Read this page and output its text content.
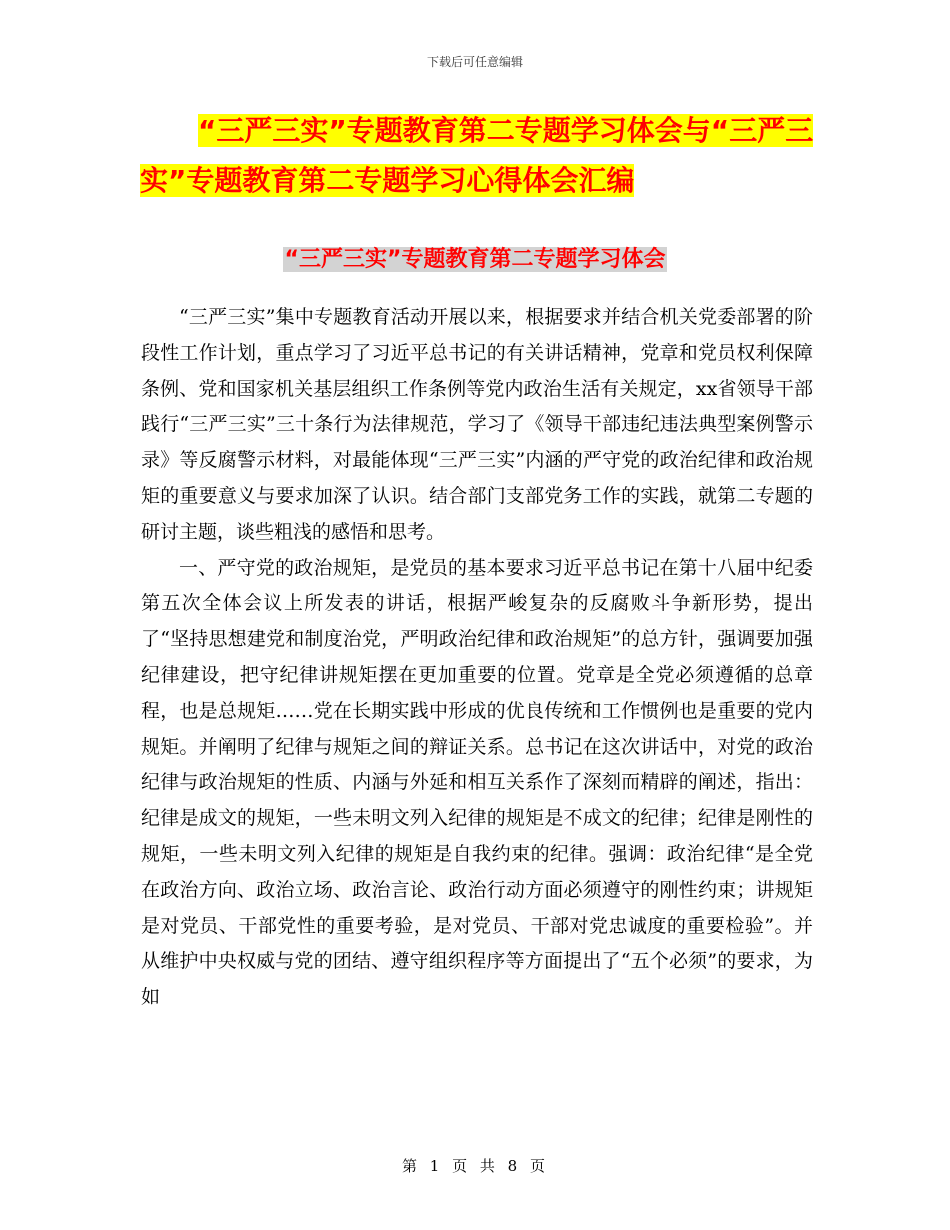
下载后可任意编辑
“三严三实”专题教育第二专题学习体会与“三严三
实”专题教育第二专题学习心得体会汇编
“三严三实”专题教育第二专题学习体会

“三严三实”集中专题教育活动开展以来，根据要求并结合机关党委部署的阶段性工作计划，重点学习了习近平总书记的有关讲话精神，党章和党员权利保障条例、党和国家机关基层组织工作条例等党内政治生活有关规定，xx省领导干部践行“三严三实”三十条行为法律规范，学习了《领导干部违纪违法典型案例警示录》等反腐警示材料，对最能体现“三严三实”内涵的严守党的政治纪律和政治规矩的重要意义与要求加深了认识。结合部门支部党务工作的实践，就第二专题的研讨主题，谈些粗浅的感悟和思考。

一、严守党的政治规矩，是党员的基本要求习近平总书记在第十八届中纪委第五次全体会议上所发表的讲话，根据严峻复杂的反腐败斗争新形势，提出了“坚持思想建党和制度治党，严明政治纪律和政治规矩”的总方针，强调要加强纪律建设，把守纪律讲规矩摆在更加重要的位置。党章是全党必须遵循的总章程，也是总规矩……党在长期实践中形成的优良传统和工作惯例也是重要的党内规矩。并阐明了纪律与规矩之间的辩证关系。总书记在这次讲话中，对党的政治纪律与政治规矩的性质、内涵与外延和相互关系作了深刻而精辟的阐述，指出：纪律是成文的规矩，一些未明文列入纪律的规矩是不成文的纪律；纪律是刚性的规矩，一些未明文列入纪律的规矩是自我约束的纪律。强调：政治纪律“是全党在政治方向、政治立场、政治言论、政治行动方面必须遵守的刚性约束；讲规矩是对党员、干部党性的重要考验，是对党员、干部对党忠诚度的重要检验”。并从维护中央权威与党的团结、遵守组织程序等方面提出了“五个必须”的要求，为如

第 1 页 共 8 页
